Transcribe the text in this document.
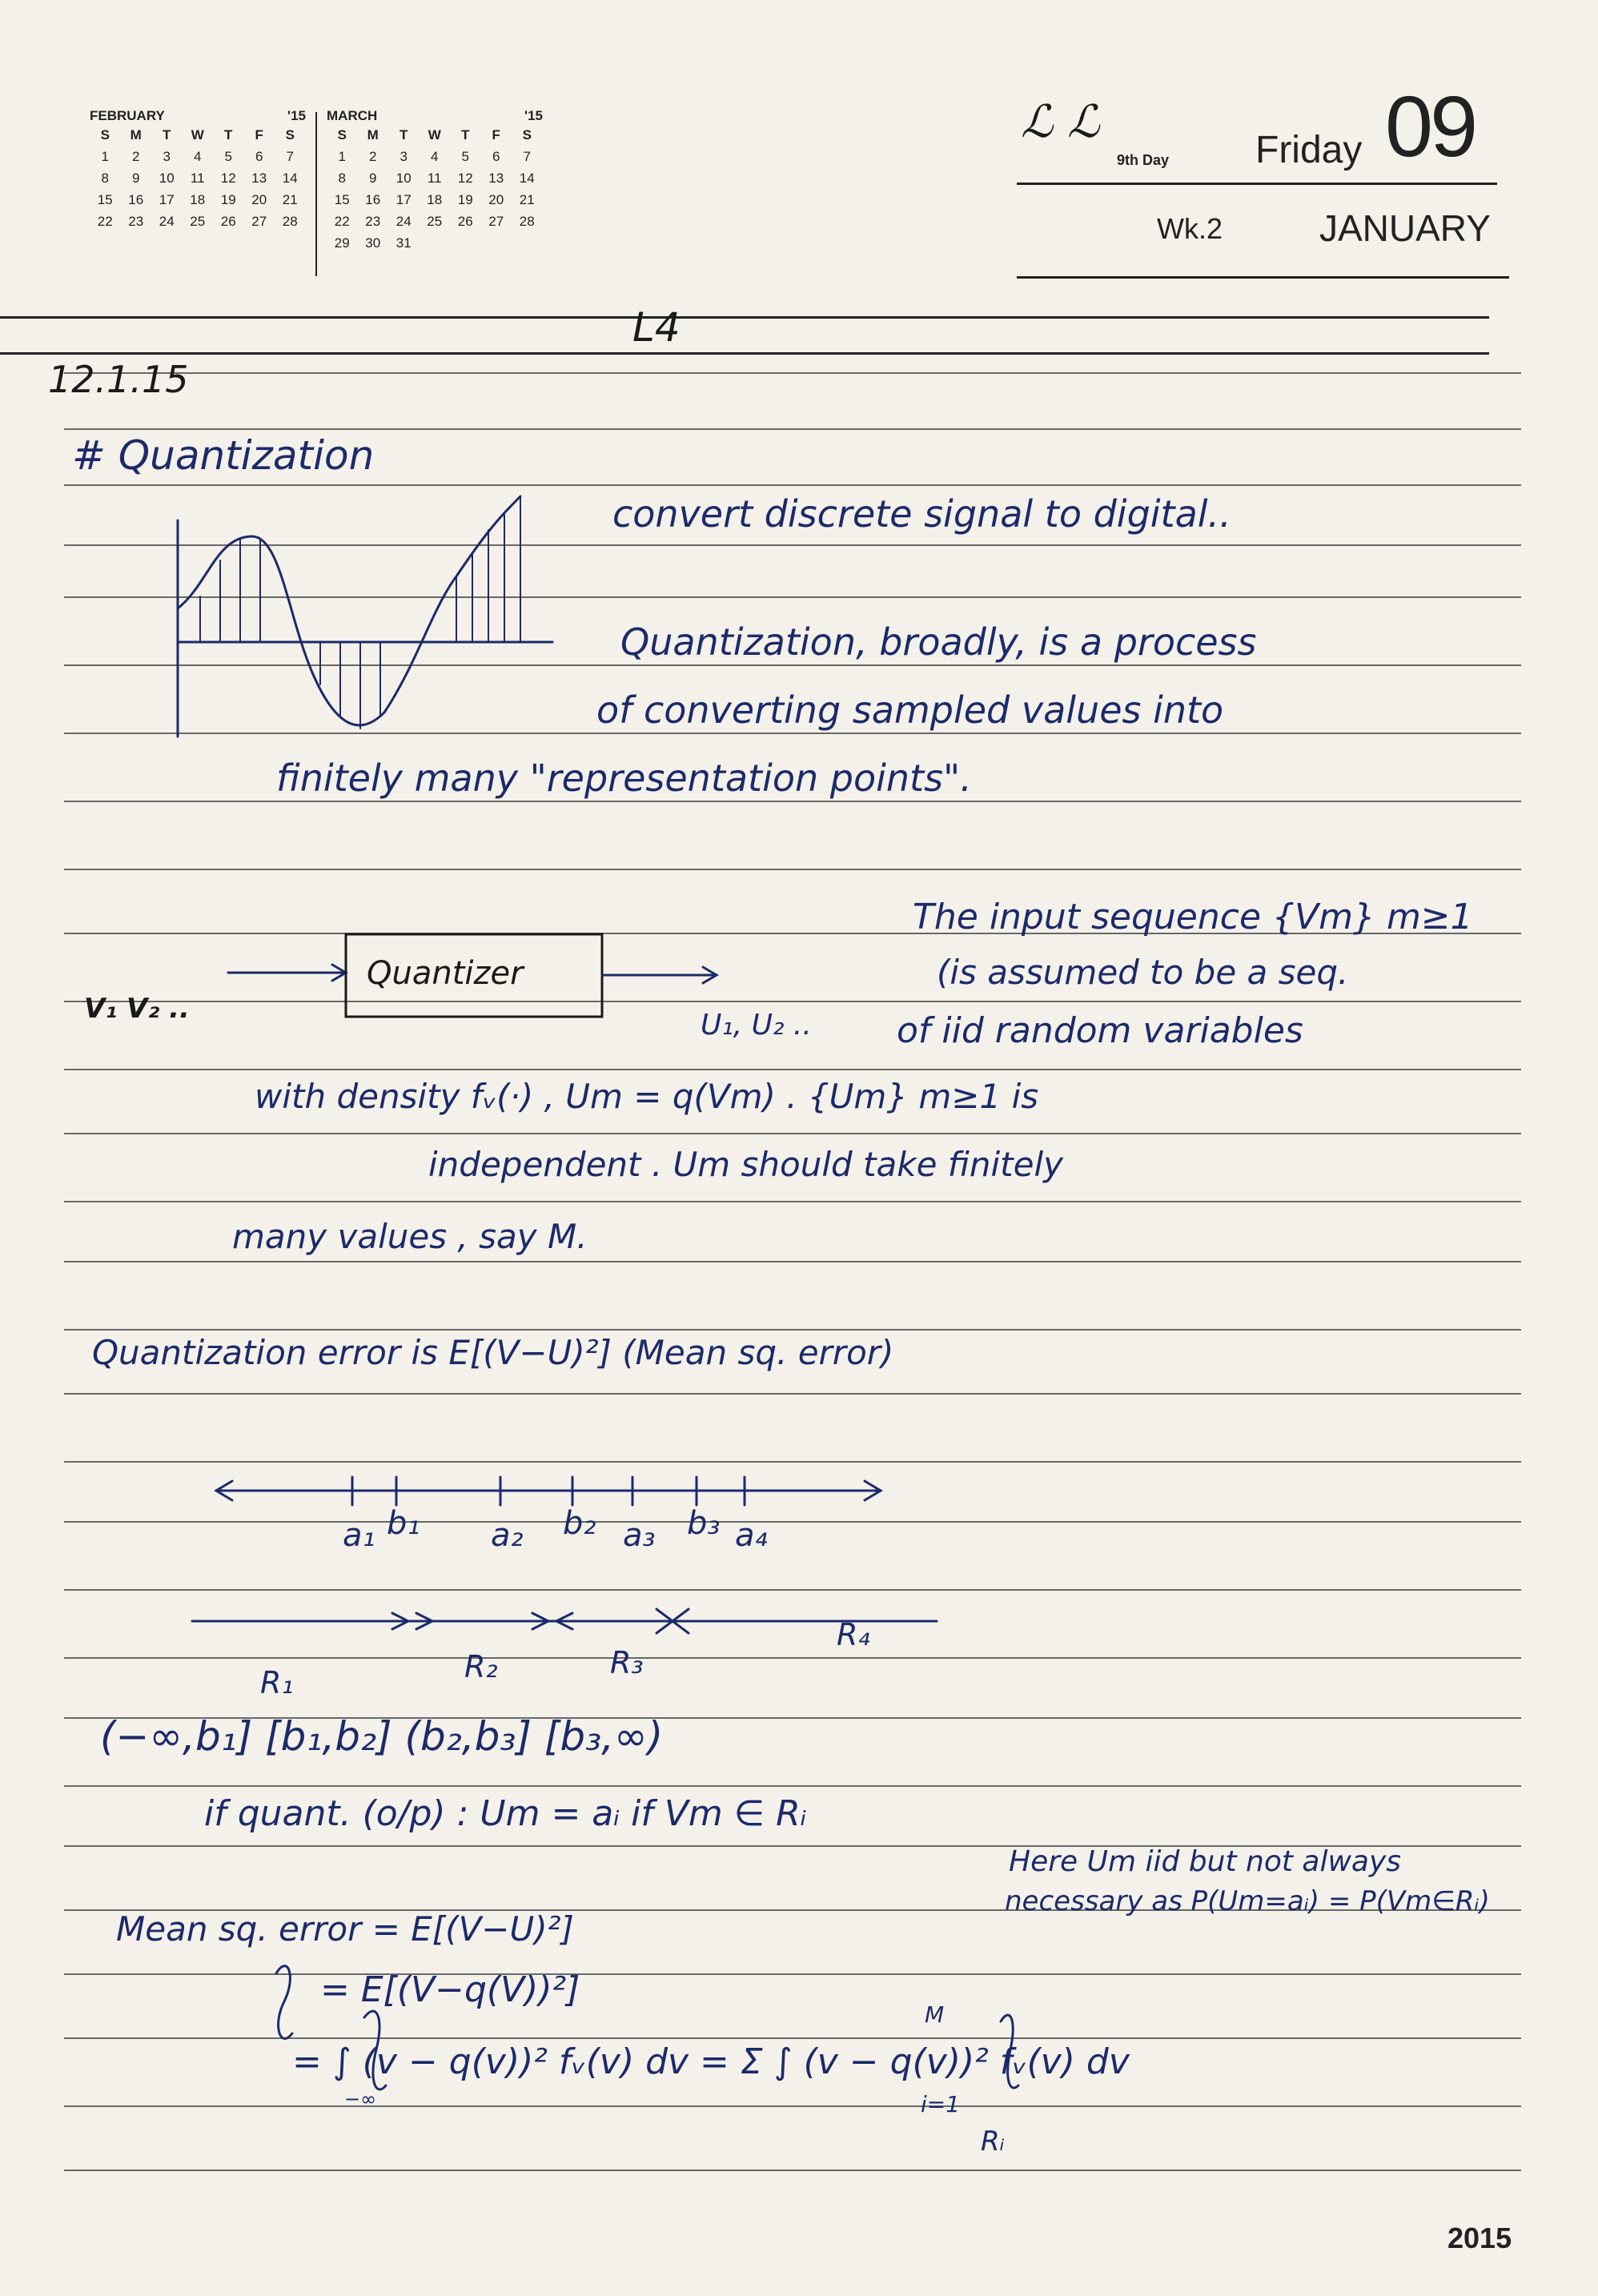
FEBRUARY	'15
S	M	T	W	T	F	S
1	2	3	4	5	6	7
8	9	10	11	12	13	14
15	16	17	18	19	20	21
22	23	24	25	26	27	28
MARCH	'15
S	M	T	W	T	F	S
1	2	3	4	5	6	7
8	9	10	11	12	13	14
15	16	17	18	19	20	21
22	23	24	25	26	27	28
29	30	31
ℒ ℒ
9th Day Friday 09
Wk.2	JANUARY
2015
L4
12.1.15
# Quantization
convert discrete signal to digital..
Quantization, broadly, is a process
of converting sampled values into
finitely many "representation points".
The input sequence {Vm} m≥1
(is assumed to be a seq.
V₁ V₂ ..	U₁, U₂ .. of iid random variables
with density fᵥ(·) , Um = q(Vm) . {Um} m≥1 is
independent . Um should take finitely
many values , say M.
Quantization error is E[(V−U)²] (Mean sq. error)
R₄
R₁	R₂	R₃
(−∞,b₁] [b₁,b₂] (b₂,b₃] [b₃,∞)
if quant. (o/p) : Um = aᵢ if Vm ∈ Rᵢ
Here Um iid but not always
necessary as P(Um=aᵢ) = P(Vm∈Rᵢ)
Mean sq. error = E[(V−U)²]
= E[(V−q(V))²]
= ∫ (v − q(v))² fᵥ(v) dv = Σ ∫ (v − q(v))² fᵥ(v) dv
−∞
M
i=1
Rᵢ
Quantizer
a₁ b₁ a₂ b₂ a₃ b₃ a₄
